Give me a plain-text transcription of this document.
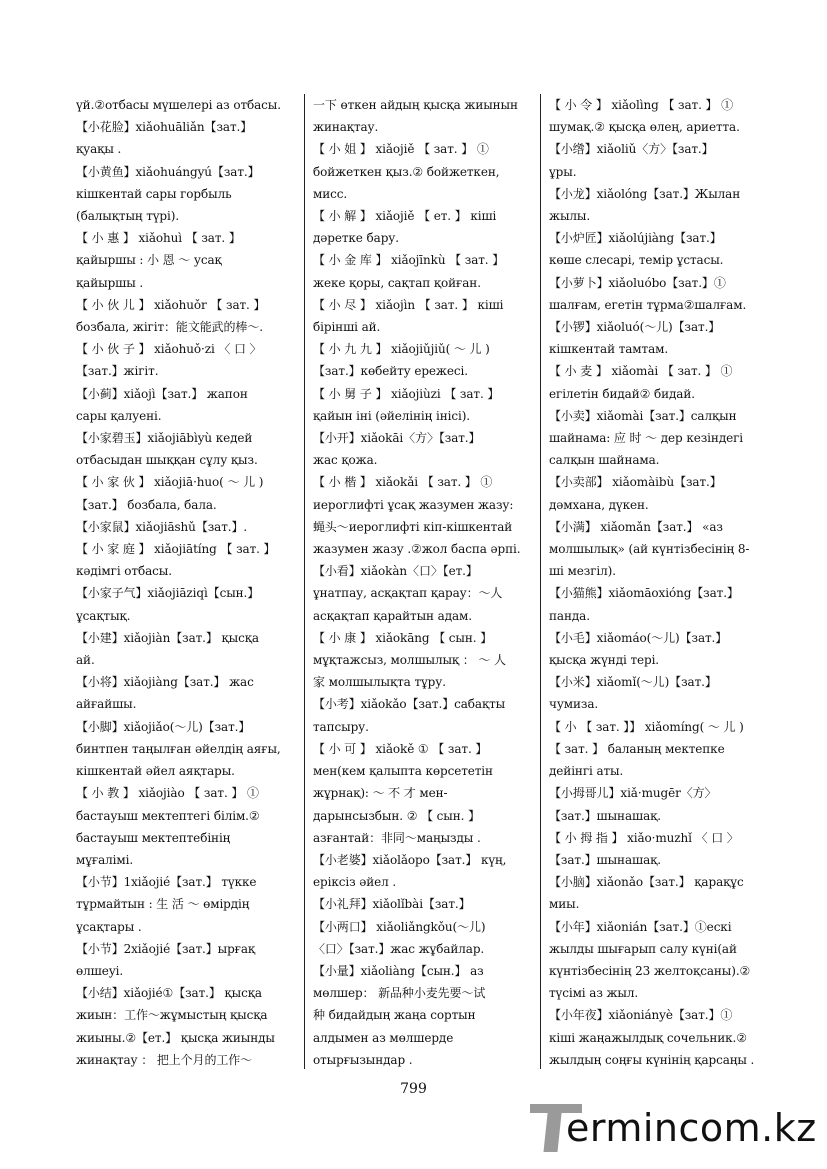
үй.②отбасы мүшелері аз отбасы.
【小花脸】xiǎohuāliǎn【зат.】
қуақы .
【小黄鱼】xiǎohuángyú【зат.】
кішкентай сары горбыль
(балықтың түрі).
【 小 惠 】 xiǎohuì 【 зат. 】
қайыршы : 小 恩 ～ усақ
қайыршы .
【 小 伙 儿 】 xiǎohuǒr 【 зат. 】
бозбала, жігіт：能文能武的棒～.
【 小 伙 子 】 xiǎohuǒ·zi 〈 口 〉
【зат.】жігіт.
【小蓟】xiǎojì【зат.】 жапон
сары қалуені.
【小家碧玉】xiǎojiābìyù кедей
отбасыдан шыққан сұлу қыз.
【 小 家 伙 】 xiǎojiā·huo( ～ 儿 )
【зат.】 бозбала, бала.
【小家鼠】xiǎojiāshǔ【зат.】.
【 小 家 庭 】 xiǎojiātíng 【 зат. 】
кәдімгі отбасы.
【小家子气】xiǎojiāziqì【сын.】
ұсақтық.
【小建】xiǎojiàn【зат.】 қысқа
ай.
【小将】xiǎojiàng【зат.】 жас
айғайшы.
【小脚】xiǎojiǎo(～儿)【зат.】
бинтпен таңылған әйелдің аяғы,
кішкентай әйел аяқтары.
【 小 教 】 xiǎojiào 【 зат. 】 ①
бастауыш мектептегі білім.②
бастауыш мектептебінің
мұғалімі.
【小节】1xiǎojié【зат.】 түкке
тұрмайтын : 生 活 ～ өмірдің
ұсақтары .
【小节】2xiǎojié【зат.】ырғақ
өлшеуі.
【小结】xiǎojié①【зат.】 қысқа
жиын：工作～жұмыстың қысқа
жиыны.②【ет.】 қысқа жиынды
жинақтау ： 把上个月的工作～
一下 өткен айдың қысқа жиынын
жинақтау.
【 小 姐 】 xiǎojiě 【 зат. 】 ①
бойжеткен қыз.② бойжеткен,
мисс.
【 小 解 】 xiǎojiě 【 ет. 】 кіші
дәретке бару.
【 小 金 库 】 xiǎojīnkù 【 зат. 】
жеке қоры, сақтап қойған.
【 小 尽 】 xiǎojìn 【 зат. 】 кіші
бірінші ай.
【 小 九 九 】 xiǎojiǔjiǔ( ～ 儿 )
【зат.】көбейту ережесі.
【 小 舅 子 】 xiǎojiùzi 【 зат. 】
қайын іні (әйелінің інісі).
【小开】xiǎokāi〈方〉【зат.】
жас қожа.
【 小 楷 】 xiǎokǎi 【 зат. 】 ①
иероглифті ұсақ жазумен жазу:
蝇头～иероглифті кіп-кішкентай
жазумен жазу .②жол баспа әрпі.
【小看】xiǎokàn〈口〉【ет.】
ұнатпау, асқақтап қарау：～人
асқақтап қарайтын адам.
【 小 康 】 xiǎokāng 【 сын. 】
мұқтажсыз, молшылық ： ～ 人
家 молшылықта тұру.
【小考】xiǎokǎo【зат.】сабақты
тапсыру.
【 小 可 】 xiǎokě ① 【 зат. 】
мен(кем қалыпта көрсететін
жұрнақ): ～ 不 才 мен-
дарынсызбын. ② 【 сын. 】
азғантай：非同～маңызды .
【小老婆】xiǎolǎopo【зат.】 күң,
еріксіз әйел .
【小礼拜】xiǎolǐbài【зат.】
【小两口】 xiǎoliǎngkǒu(～儿)
〈口〉【зат.】жас жұбайлар.
【小量】xiǎoliàng【сын.】 аз
мөлшер： 新品种小麦先要～试
种 бидайдың жаңа сортын
алдымен аз мөлшерде
отырғызындар .
【 小 令 】 xiǎolìng 【 зат. 】 ①
шумақ.② қысқа өлең, ариетта.
【小绺】xiǎoliǔ〈方〉【зат.】
ұры.
【小龙】xiǎolóng【зат.】Жылан
жылы.
【小炉匠】xiǎolújiàng【зат.】
көше слесарі, темір ұстасы.
【小萝卜】xiǎoluóbo【зат.】①
шалғам, егетін тұрма②шалғам.
【小锣】xiǎoluó(～儿)【зат.】
кішкентай тамтам.
【 小 麦 】 xiǎomài 【 зат. 】 ①
егілетін бидай② бидай.
【小卖】xiǎomài【зат.】салқын
шайнама: 应 时 ～ дер кезіндегі
салқын шайнама.
【小卖部】 xiǎomàibù【зат.】
дәмхана, дүкен.
【小满】 xiǎomǎn【зат.】 «аз
молшылық» (ай күнтізбесінің 8-
ші мезгіл).
【小猫熊】xiǎomāoxióng【зат.】
панда.
【小毛】xiǎomáo(～儿)【зат.】
қысқа жүнді тері.
【小米】xiǎomǐ(～儿)【зат.】
чумиза.
【 小 【 зат. 】】 xiǎomíng( ～ 儿 )
【 зат. 】 баланың мектепке
дейінгі аты.
【小拇哥儿】xiǎ·mugēr〈方〉
【зат.】шынашақ.
【 小 拇 指 】 xiǎo·muzhǐ 〈 口 〉
【зат.】шынашақ.
【小脑】xiǎonǎo【зат.】 қарақұс
миы.
【小年】xiǎonián【зат.】①ескі
жылды шығарып салу күні(ай
күнтізбесінің 23 желтоқсаны).②
түсімі аз жыл.
【小年夜】xiǎoniányè【зат.】①
кіші жаңажылдық сочельник.②
жылдың соңғы күнінің қарсаңы .
799
ermincom.kz
